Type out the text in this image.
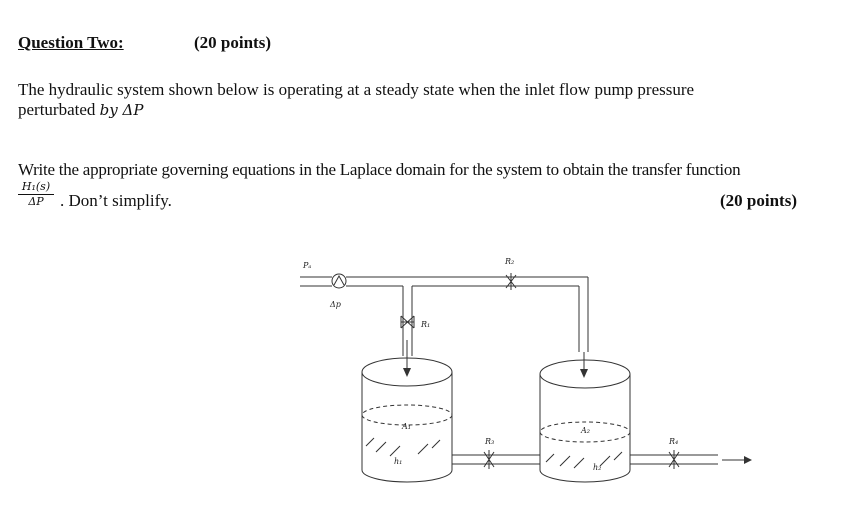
Question Two:	(20 points)
The hydraulic system shown below is operating at a steady state when the inlet flow pump pressure
perturbated by ΔP
Write the appropriate governing equations in the Laplace domain for the system to obtain the transfer function
H₁(s)
ΔP . Don’t simplify.	(20 points)
Pₐ
Δp
R₁
R₂
R₃	R₄
A₁	A₂
h₁
h₂
